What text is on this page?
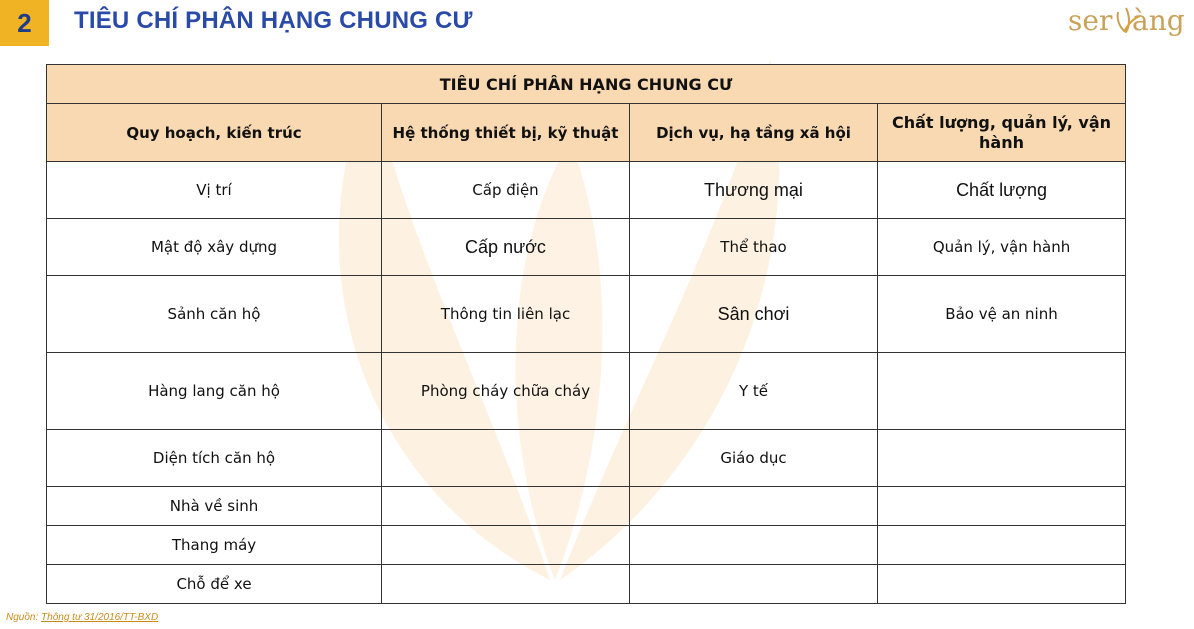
2	TIÊU CHÍ PHÂN HẠNG CHUNG CƯ	ser àng
TIÊU CHÍ PHÂN HẠNG CHUNG CƯ			
Quy hoạch, kiến trúc	Hệ thống thiết bị, kỹ thuật	Dịch vụ, hạ tầng xã hội	Chất lượng, quản lý, vận hành
Vị trí	Cấp điện	Thương mại	Chất lượng
Mật độ xây dựng	Cấp nước	Thể thao	Quản lý, vận hành
Sảnh căn hộ	Thông tin liên lạc	Sân chơi	Bảo vệ an ninh
Hàng lang căn hộ	Phòng cháy chữa cháy	Y tế	
Diện tích căn hộ		Giáo dục	
Nhà về sinh			
Thang máy			
Chỗ để xe			
Nguồn: Thông tư 31/2016/TT-BXD
